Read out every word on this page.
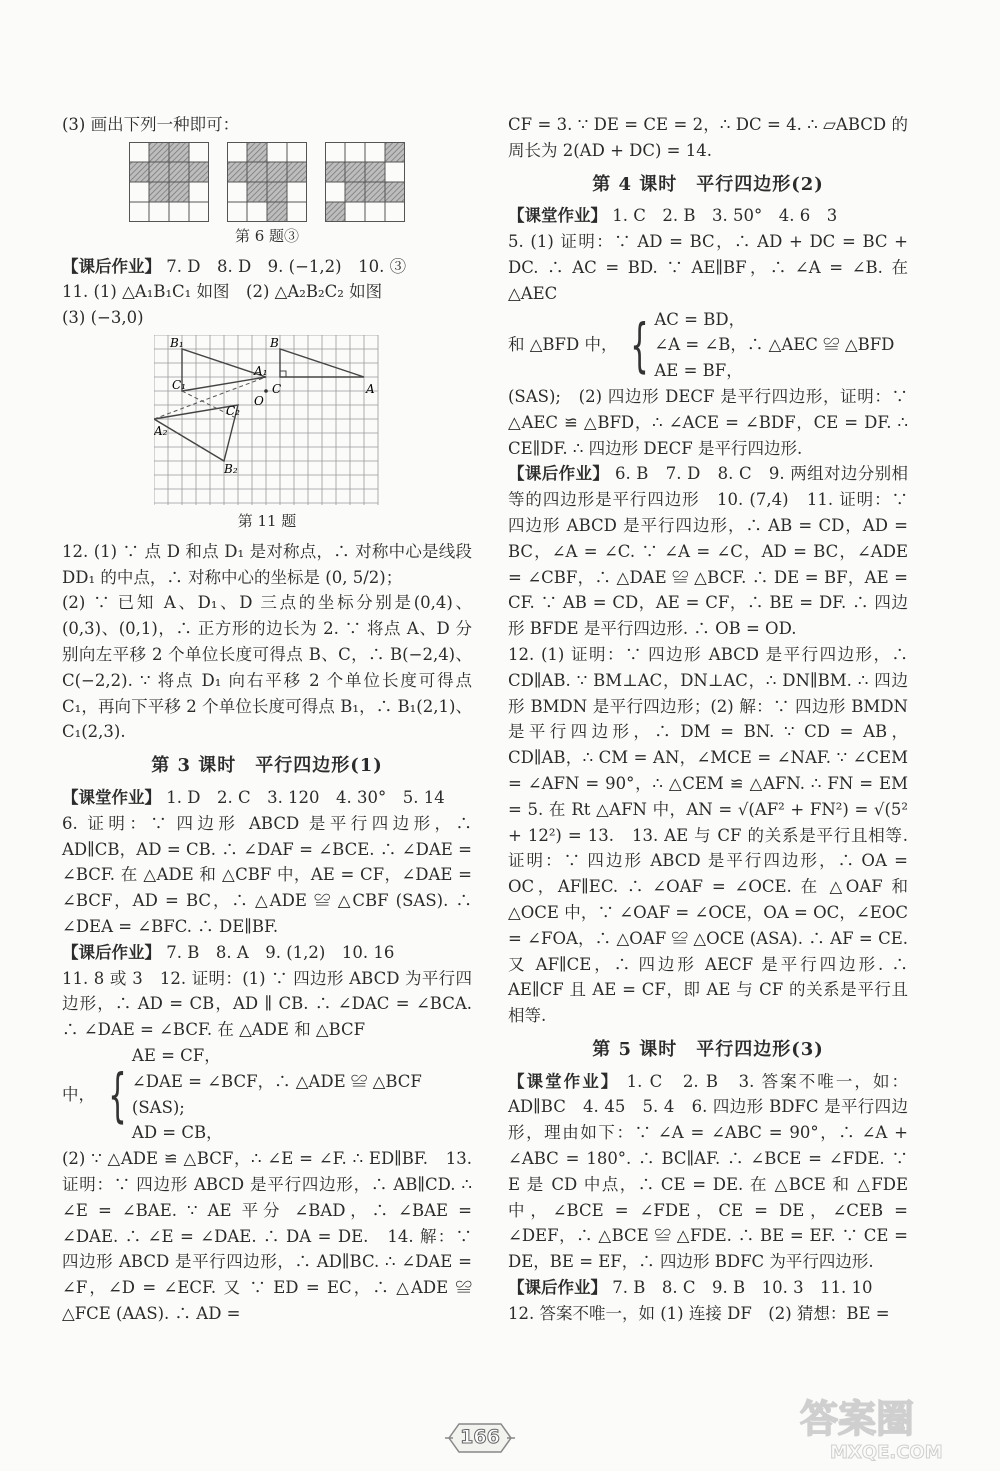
(3) 画出下列一种即可：

第 6 题③

【课后作业】 7. D　8. D　9. (−1,2)　10. ③

11. (1) △A₁B₁C₁ 如图　(2) △A₂B₂C₂ 如图

(3) (−3,0)

B₁
C₁
A₁
A₂
B₂
C₂
B
C	A
O
第 11 题

12. (1) ∵ 点 D 和点 D₁ 是对称点，∴ 对称中心是线段 DD₁ 的中点，∴ 对称中心的坐标是 (0, 5/2)；

(2) ∵ 已知 A、D₁、D 三点的坐标分别是(0,4)、(0,3)、(0,1)，∴ 正方形的边长为 2. ∵ 将点 A、D 分别向左平移 2 个单位长度可得点 B、C，∴ B(−2,4)、C(−2,2). ∵ 将点 D₁ 向右平移 2 个单位长度可得点 C₁，再向下平移 2 个单位长度可得点 B₁，∴ B₁(2,1)、C₁(2,3).

第 3 课时　平行四边形(1)

【课堂作业】 1. D　2. C　3. 120　4. 30°　5. 14

6. 证明：∵ 四边形 ABCD 是平行四边形，∴ AD∥CB，AD = CB. ∴ ∠DAF = ∠BCE. ∴ ∠DAE = ∠BCF. 在 △ADE 和 △CBF 中，AE = CF，∠DAE = ∠BCF，AD = BC，∴ △ADE ≌ △CBF (SAS). ∴ ∠DEA = ∠BFC. ∴ DE∥BF.

【课后作业】 7. B　8. A　9. (1,2)　10. 16

11. 8 或 3　12. 证明：(1) ∵ 四边形 ABCD 为平行四边形，∴ AD = CB，AD ∥ CB. ∴ ∠DAC = ∠BCA. ∴ ∠DAE = ∠BCF. 在 △ADE 和 △BCF

中， {
AE = CF，
∠DAE = ∠BCF，∴ △ADE ≌ △BCF (SAS);
AD = CB，

(2) ∵ △ADE ≌ △BCF，∴ ∠E = ∠F. ∴ ED∥BF.　13. 证明：∵ 四边形 ABCD 是平行四边形，∴ AB∥CD. ∴ ∠E = ∠BAE. ∵ AE 平分 ∠BAD，∴ ∠BAE = ∠DAE. ∴ ∠E = ∠DAE. ∴ DA = DE.　14. 解：∵ 四边形 ABCD 是平行四边形，∴ AD∥BC. ∴ ∠DAE = ∠F，∠D = ∠ECF. 又 ∵ ED = EC，∴ △ADE ≌ △FCE (AAS). ∴ AD =

CF = 3. ∵ DE = CE = 2，∴ DC = 4. ∴ ▱ABCD 的周长为 2(AD + DC) = 14.

第 4 课时　平行四边形(2)

【课堂作业】 1. C　2. B　3. 50°　4. 6　3

5. (1) 证明：∵ AD = BC，∴ AD + DC = BC + DC. ∴ AC = BD. ∵ AE∥BF，∴ ∠A = ∠B. 在 △AEC

和 △BFD 中， { AC = BD，
∠A = ∠B，∴ △AEC ≌ △BFD
AE = BF，

(SAS);　(2) 四边形 DECF 是平行四边形，证明：∵ △AEC ≌ △BFD，∴ ∠ACE = ∠BDF，CE = DF. ∴ CE∥DF. ∴ 四边形 DECF 是平行四边形.

【课后作业】 6. B　7. D　8. C　9. 两组对边分别相等的四边形是平行四边形　10. (7,4)　11. 证明：∵ 四边形 ABCD 是平行四边形，∴ AB = CD，AD = BC，∠A = ∠C. ∵ ∠A = ∠C，AD = BC，∠ADE = ∠CBF，∴ △DAE ≌ △BCF. ∴ DE = BF，AE = CF. ∵ AB = CD，AE = CF，∴ BE = DF. ∴ 四边形 BFDE 是平行四边形. ∴ OB = OD.

12. (1) 证明：∵ 四边形 ABCD 是平行四边形，∴ CD∥AB. ∵ BM⊥AC，DN⊥AC，∴ DN∥BM. ∴ 四边形 BMDN 是平行四边形；(2) 解：∵ 四边形 BMDN 是平行四边形，∴ DM = BN. ∵ CD = AB，CD∥AB，∴ CM = AN，∠MCE = ∠NAF. ∵ ∠CEM = ∠AFN = 90°，∴ △CEM ≌ △AFN. ∴ FN = EM = 5. 在 Rt △AFN 中，AN = √(AF² + FN²) = √(5² + 12²) = 13.　13. AE 与 CF 的关系是平行且相等.　证明：∵ 四边形 ABCD 是平行四边形，∴ OA = OC，AF∥EC. ∴ ∠OAF = ∠OCE. 在 △OAF 和 △OCE 中，∵ ∠OAF = ∠OCE，OA = OC，∠EOC = ∠FOA，∴ △OAF ≌ △OCE (ASA). ∴ AF = CE. 又 AF∥CE，∴ 四边形 AECF 是平行四边形. ∴ AE∥CF 且 AE = CF，即 AE 与 CF 的关系是平行且相等.

第 5 课时　平行四边形(3)

【课堂作业】 1. C　2. B　3. 答案不唯一，如：AD∥BC　4. 45　5. 4　6. 四边形 BDFC 是平行四边形，理由如下：∵ ∠A = ∠ABC = 90°，∴ ∠A + ∠ABC = 180°. ∴ BC∥AF. ∴ ∠BCE = ∠FDE. ∵ E 是 CD 中点，∴ CE = DE. 在 △BCE 和 △FDE 中，∠BCE = ∠FDE，CE = DE，∠CEB = ∠DEF，∴ △BCE ≌ △FDE. ∴ BE = EF. ∵ CE = DE，BE = EF，∴ 四边形 BDFC 为平行四边形.

【课后作业】 7. B　8. C　9. B　10. 3　11. 10

12. 答案不唯一，如 (1) 连接 DF　(2) 猜想：BE =

166	答案圈
MXQE.COM
